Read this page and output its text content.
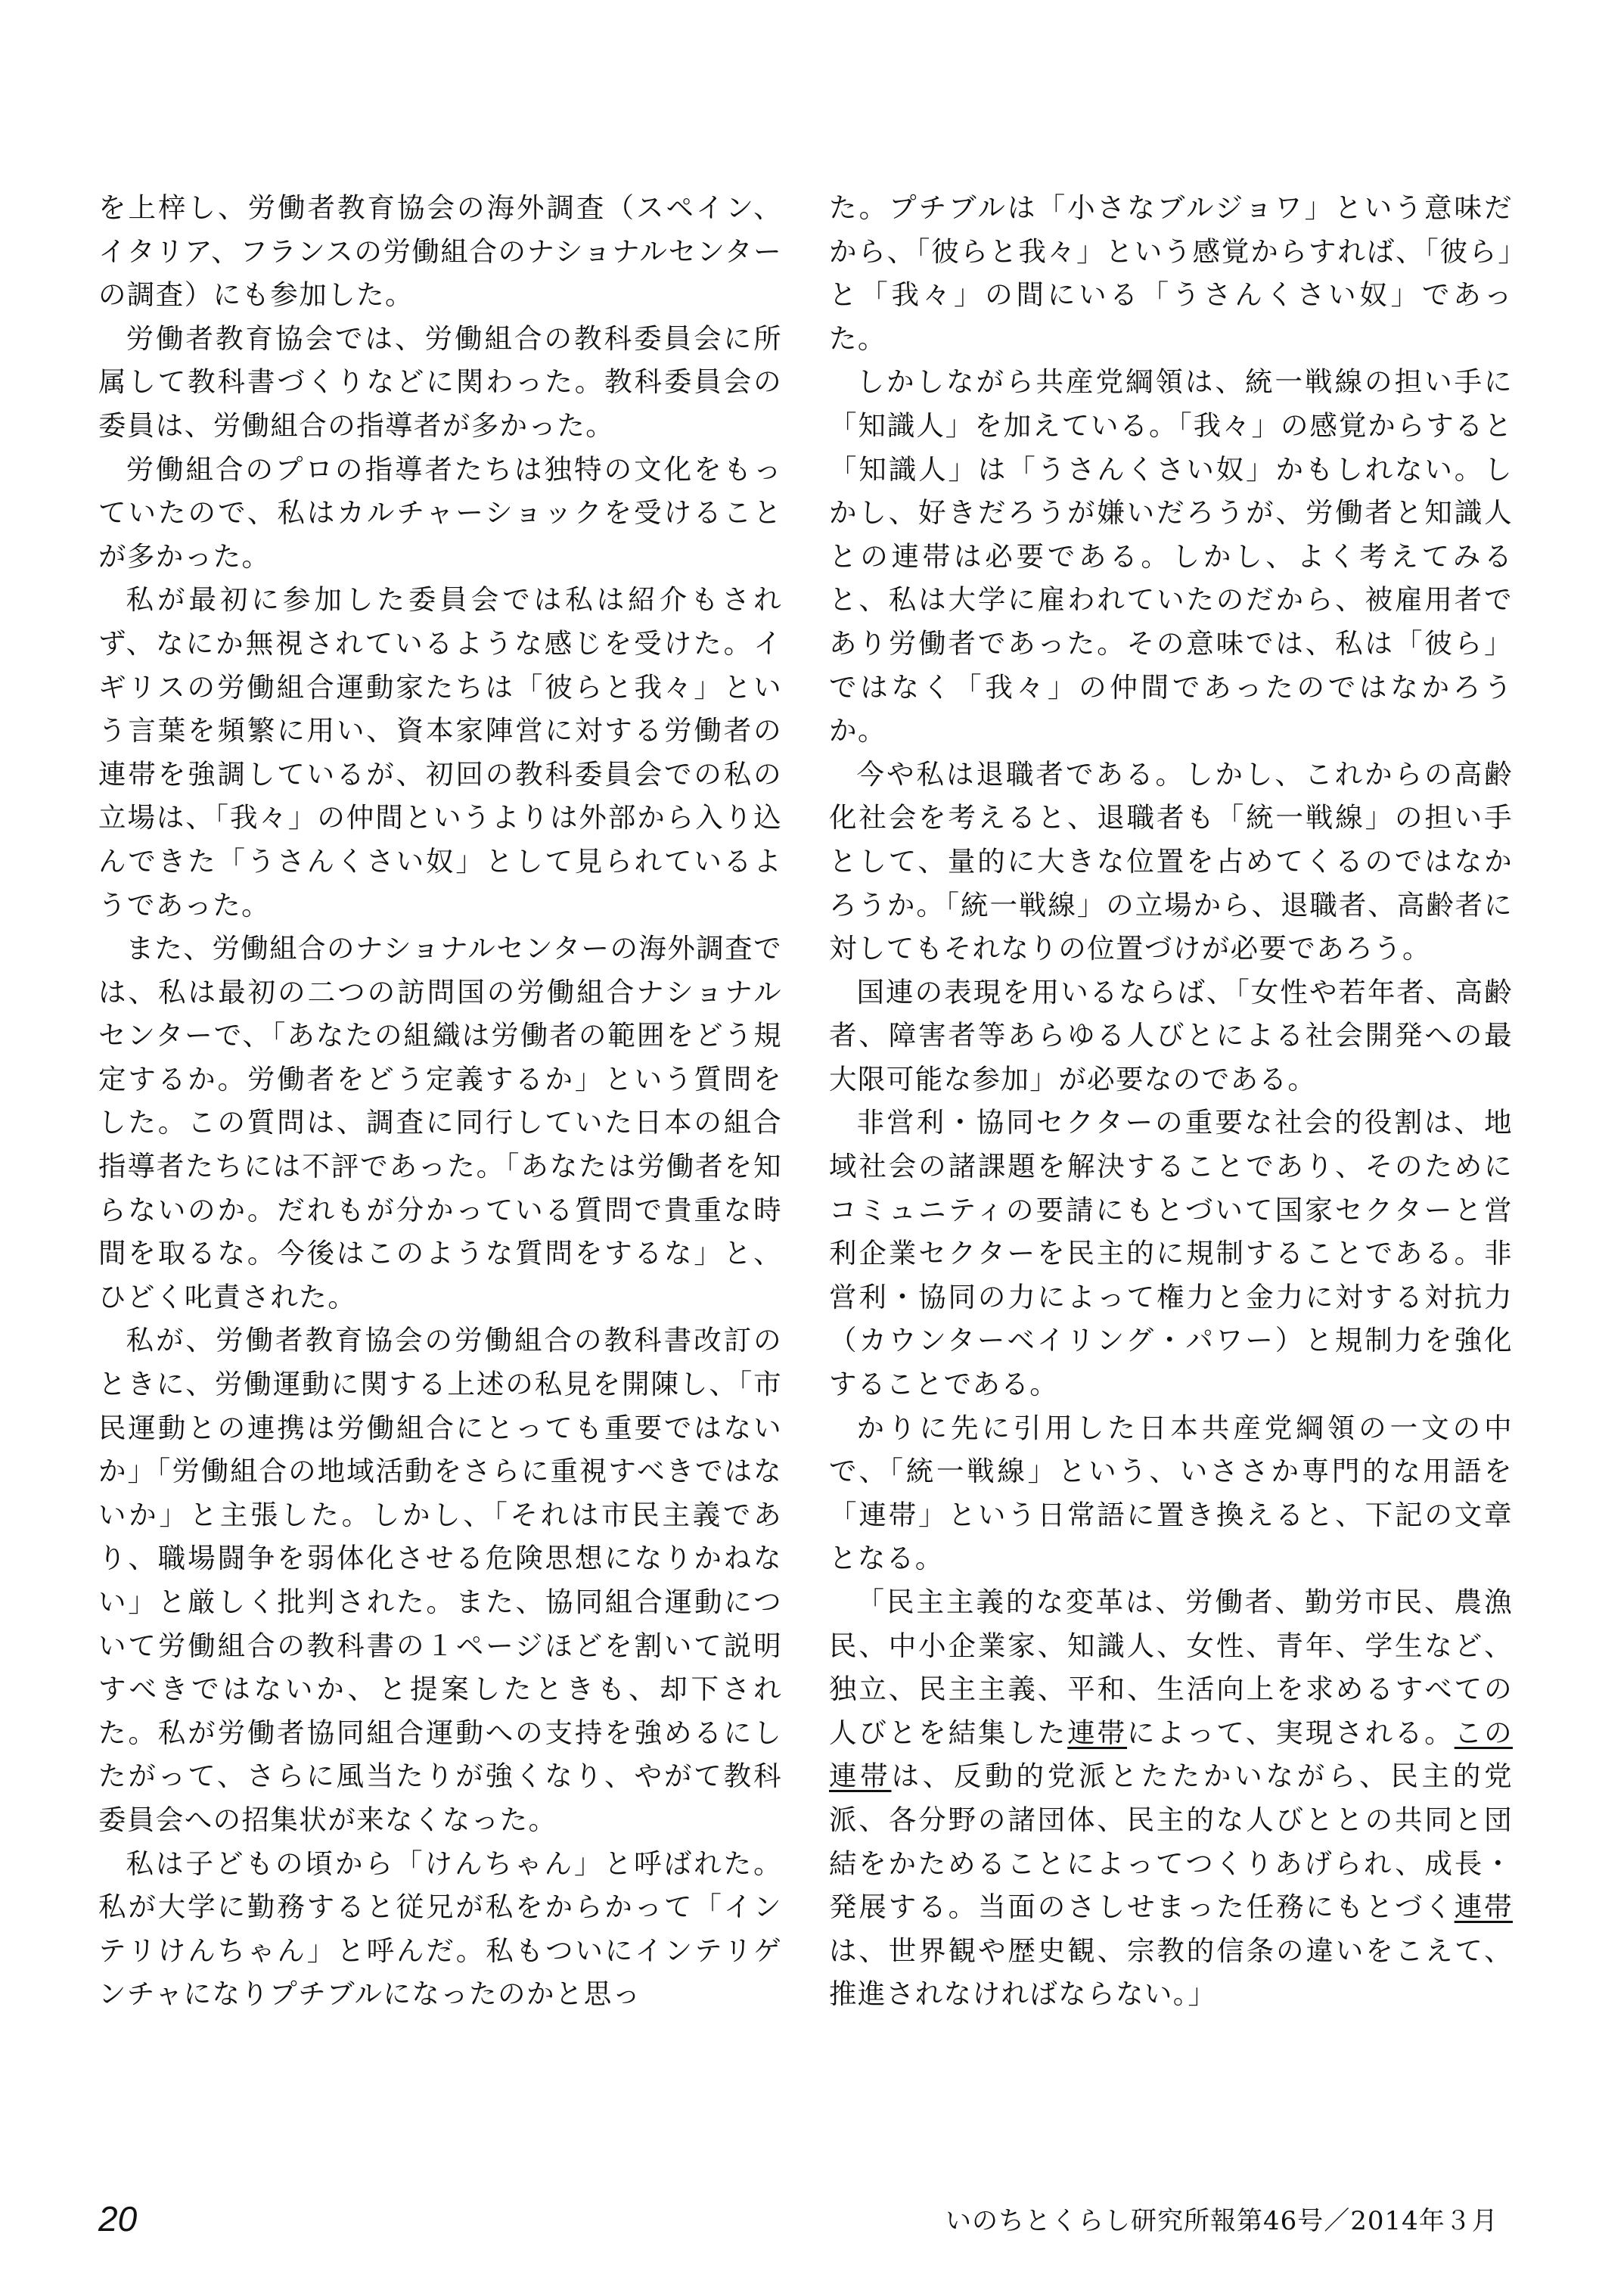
を上梓し、労働者教育協会の海外調査（スペイン、イタリア、フランスの労働組合のナショナルセンターの調査）にも参加した。

労働者教育協会では、労働組合の教科委員会に所属して教科書づくりなどに関わった。教科委員会の委員は、労働組合の指導者が多かった。

労働組合のプロの指導者たちは独特の文化をもっていたので、私はカルチャーショックを受けることが多かった。

私が最初に参加した委員会では私は紹介もされず、なにか無視されているような感じを受けた。イギリスの労働組合運動家たちは「彼らと我々」という言葉を頻繁に用い、資本家陣営に対する労働者の連帯を強調しているが、初回の教科委員会での私の立場は、「我々」の仲間というよりは外部から入り込んできた「うさんくさい奴」として見られているようであった。

また、労働組合のナショナルセンターの海外調査では、私は最初の二つの訪問国の労働組合ナショナルセンターで、「あなたの組織は労働者の範囲をどう規定するか。労働者をどう定義するか」という質問をした。この質問は、調査に同行していた日本の組合指導者たちには不評であった。「あなたは労働者を知らないのか。だれもが分かっている質問で貴重な時間を取るな。今後はこのような質問をするな」と、ひどく叱責された。

私が、労働者教育協会の労働組合の教科書改訂のときに、労働運動に関する上述の私見を開陳し、「市民運動との連携は労働組合にとっても重要ではないか」「労働組合の地域活動をさらに重視すべきではないか」と主張した。しかし、「それは市民主義であり、職場闘争を弱体化させる危険思想になりかねない」と厳しく批判された。また、協同組合運動について労働組合の教科書の１ページほどを割いて説明すべきではないか、と提案したときも、却下された。私が労働者協同組合運動への支持を強めるにしたがって、さらに風当たりが強くなり、やがて教科委員会への招集状が来なくなった。

私は子どもの頃から「けんちゃん」と呼ばれた。私が大学に勤務すると従兄が私をからかって「インテリけんちゃん」と呼んだ。私もついにインテリゲンチャになりプチブルになったのかと思っ

た。プチブルは「小さなブルジョワ」という意味だから、「彼らと我々」という感覚からすれば、「彼ら」と「我々」の間にいる「うさんくさい奴」であった。

しかしながら共産党綱領は、統一戦線の担い手に「知識人」を加えている。「我々」の感覚からすると「知識人」は「うさんくさい奴」かもしれない。しかし、好きだろうが嫌いだろうが、労働者と知識人との連帯は必要である。しかし、よく考えてみると、私は大学に雇われていたのだから、被雇用者であり労働者であった。その意味では、私は「彼ら」ではなく「我々」の仲間であったのではなかろうか。

今や私は退職者である。しかし、これからの高齢化社会を考えると、退職者も「統一戦線」の担い手として、量的に大きな位置を占めてくるのではなかろうか。「統一戦線」の立場から、退職者、高齢者に対してもそれなりの位置づけが必要であろう。

国連の表現を用いるならば、「女性や若年者、高齢者、障害者等あらゆる人びとによる社会開発への最大限可能な参加」が必要なのである。

非営利・協同セクターの重要な社会的役割は、地域社会の諸課題を解決することであり、そのためにコミュニティの要請にもとづいて国家セクターと営利企業セクターを民主的に規制することである。非営利・協同の力によって権力と金力に対する対抗力（カウンターベイリング・パワー）と規制力を強化することである。

かりに先に引用した日本共産党綱領の一文の中で、「統一戦線」という、いささか専門的な用語を「連帯」という日常語に置き換えると、下記の文章となる。

「民主主義的な変革は、労働者、勤労市民、農漁民、中小企業家、知識人、女性、青年、学生など、独立、民主主義、平和、生活向上を求めるすべての人びとを結集した連帯によって、実現される。この連帯は、反動的党派とたたかいながら、民主的党派、各分野の諸団体、民主的な人びととの共同と団結をかためることによってつくりあげられ、成長・発展する。当面のさしせまった任務にもとづく連帯は、世界観や歴史観、宗教的信条の違いをこえて、推進されなければならない。」

20	いのちとくらし研究所報第46号／2014年３月
